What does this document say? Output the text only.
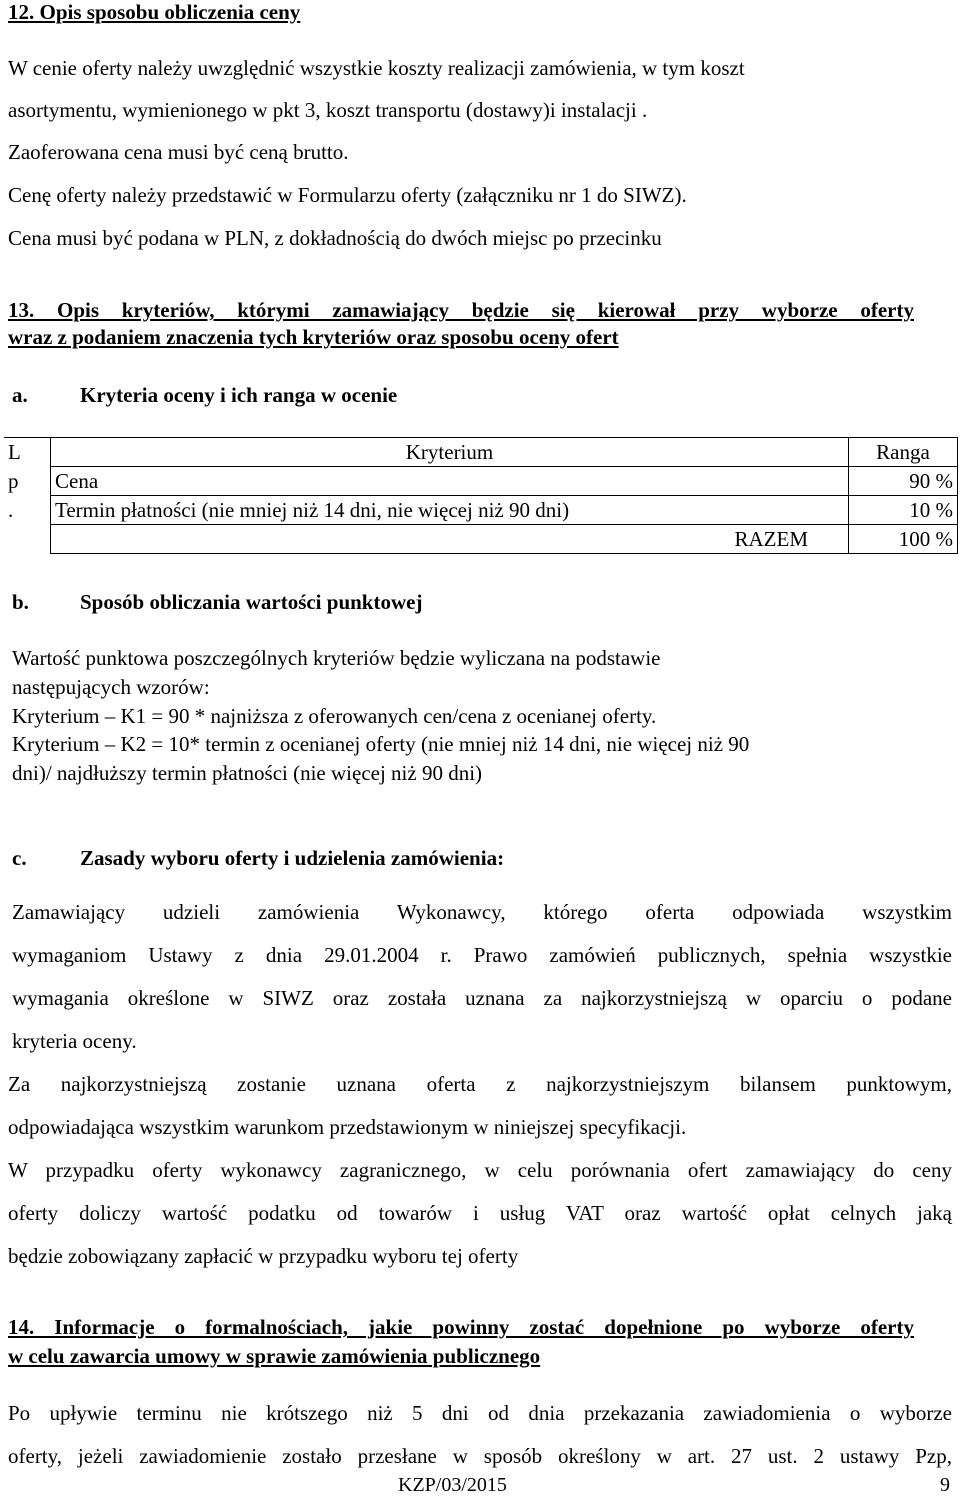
12. Opis sposobu obliczenia ceny
W cenie oferty należy uwzględnić wszystkie koszty realizacji zamówienia, w tym koszt
asortymentu, wymienionego w pkt 3, koszt transportu (dostawy)i instalacji .
Zaoferowana cena musi być ceną brutto.
Cenę oferty należy przedstawić w Formularzu oferty (załączniku nr 1 do SIWZ).
Cena musi być podana w PLN, z dokładnością do dwóch miejsc po przecinku
13. Opis kryteriów, którymi zamawiający będzie się kierował przy wyborze oferty
wraz z podaniem znaczenia tych kryteriów oraz sposobu oceny ofert
a. Kryteria oceny i ich ranga w ocenie
L
p
.	Kryterium	Ranga
	Cena	90 %
	Termin płatności (nie mniej niż 14 dni, nie więcej niż 90 dni)	10 %
	RAZEM	100 %
b. Sposób obliczania wartości punktowej
Wartość punktowa poszczególnych kryteriów będzie wyliczana na podstawie
następujących wzorów:
Kryterium – K1 = 90 * najniższa z oferowanych cen/cena z ocenianej oferty.
Kryterium – K2 = 10* termin z ocenianej oferty (nie mniej niż 14 dni, nie więcej niż 90
dni)/ najdłuższy termin płatności (nie więcej niż 90 dni)
c.	Zasady wyboru oferty i udzielenia zamówienia:
Zamawiający udzieli zamówienia Wykonawcy, którego oferta odpowiada wszystkim
wymaganiom Ustawy z dnia 29.01.2004 r. Prawo zamówień publicznych, spełnia wszystkie
wymagania określone w SIWZ oraz została uznana za najkorzystniejszą w oparciu o podane
kryteria oceny.
Za najkorzystniejszą zostanie uznana oferta z najkorzystniejszym bilansem punktowym,
odpowiadająca wszystkim warunkom przedstawionym w niniejszej specyfikacji.
W przypadku oferty wykonawcy zagranicznego, w celu porównania ofert zamawiający do ceny
oferty doliczy wartość podatku od towarów i usług VAT oraz wartość opłat celnych jaką
będzie zobowiązany zapłacić w przypadku wyboru tej oferty
14. Informacje o formalnościach, jakie powinny zostać dopełnione po wyborze oferty
w celu zawarcia umowy w sprawie zamówienia publicznego
Po upływie terminu nie krótszego niż 5 dni od dnia przekazania zawiadomienia o wyborze
oferty, jeżeli zawiadomienie zostało przesłane w sposób określony w art. 27 ust. 2 ustawy Pzp,
KZP/03/2015	9
